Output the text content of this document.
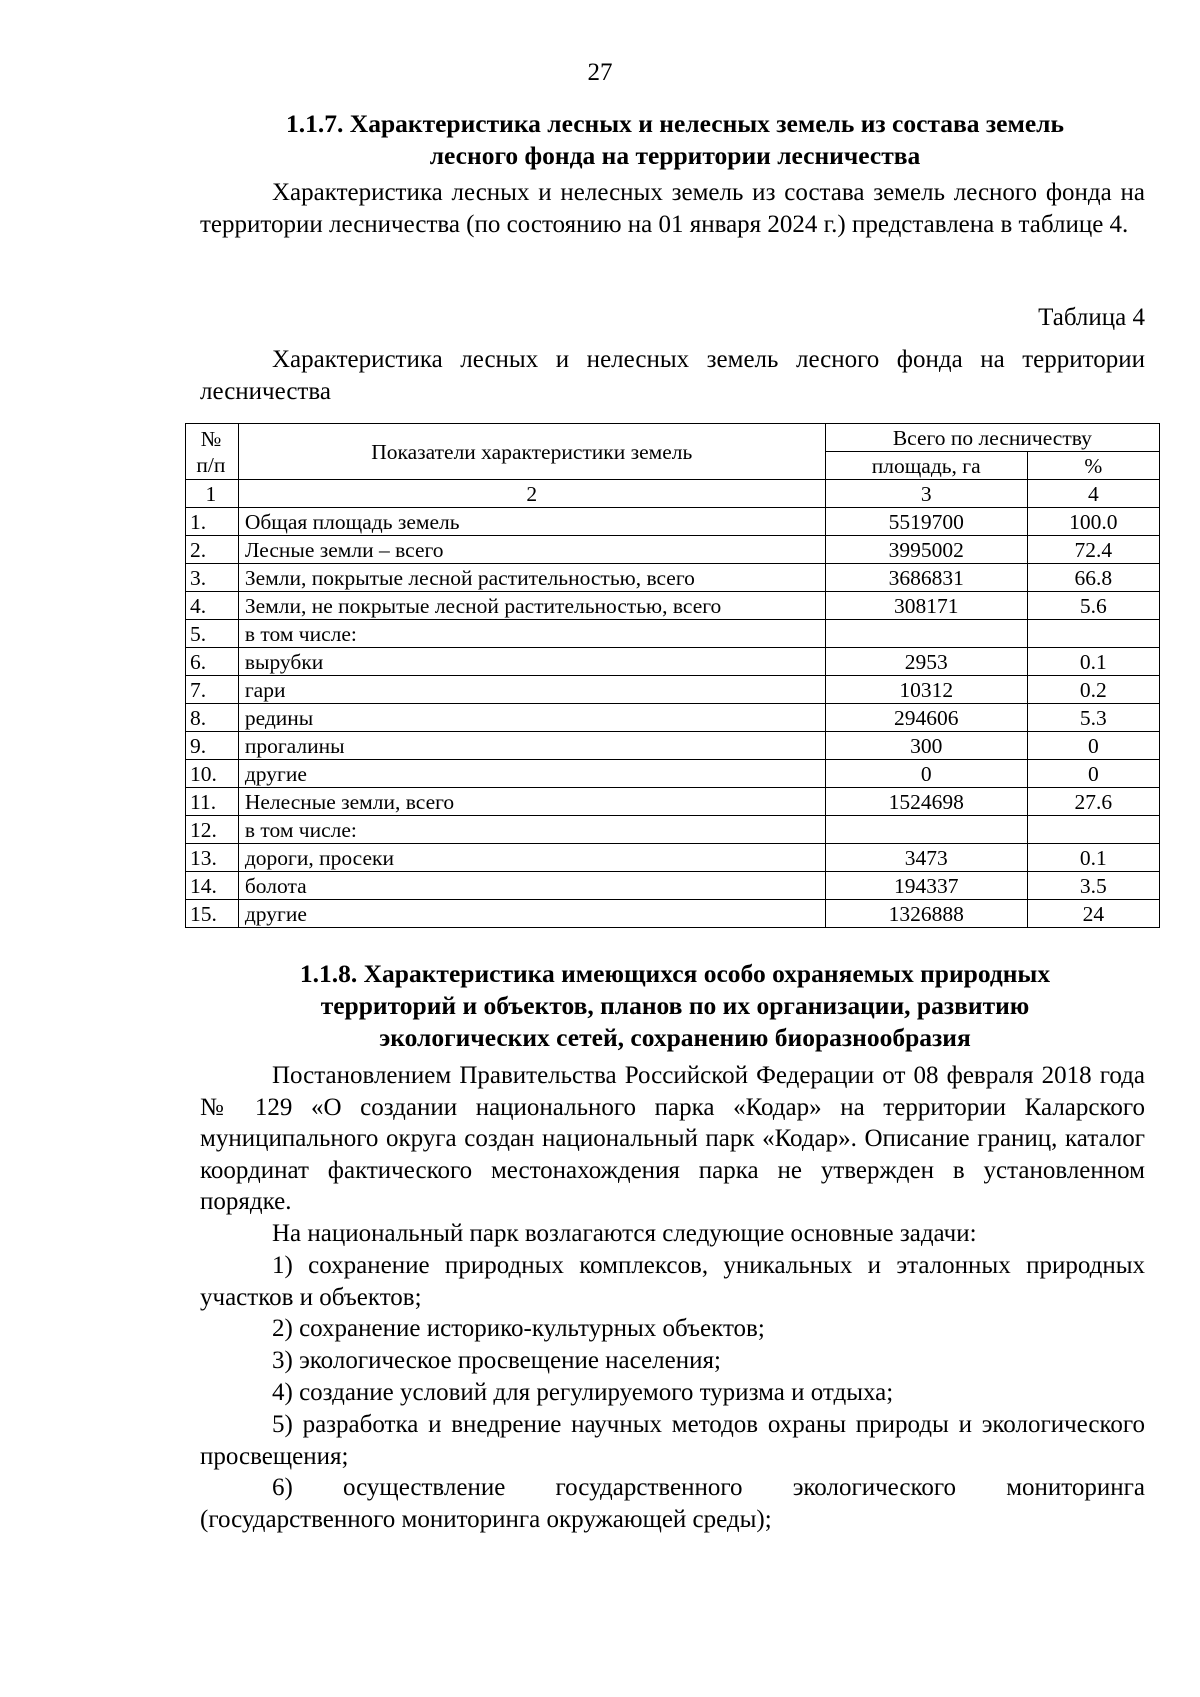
27
1.1.7. Характеристика лесных и нелесных земель из состава земель
лесного фонда на территории лесничества

Характеристика лесных и нелесных земель из состава земель лесного фонда на территории лесничества (по состоянию на 01 января 2024 г.) представлена в таблице 4.

Таблица 4
Характеристика лесных и нелесных земель лесного фонда на территории
лесничества
№ п/п	Показатели характеристики земель	Всего по лесничеству	
		площадь, га	%
1	2	3	4
1.	Общая площадь земель	5519700	100.0
2.	Лесные земли – всего	3995002	72.4
3.	Земли, покрытые лесной растительностью, всего	3686831	66.8
4.	Земли, не покрытые лесной растительностью, всего	308171	5.6
5.	в том числе:		
6.	вырубки	2953	0.1
7.	гари	10312	0.2
8.	редины	294606	5.3
9.	прогалины	300	0
10.	другие	0	0
11.	Нелесные земли, всего	1524698	27.6
12.	в том числе:		
13.	дороги, просеки	3473	0.1
14.	болота	194337	3.5
15.	другие	1326888	24
1.1.8. Характеристика имеющихся особо охраняемых природных
территорий и объектов, планов по их организации, развитию
экологических сетей, сохранению биоразнообразия

Постановлением Правительства Российской Федерации от 08 февраля 2018 года № 129 «О создании национального парка «Кодар» на территории Каларского муниципального округа создан национальный парк «Кодар». Описание границ, каталог координат фактического местонахождения парка не утвержден в установленном порядке.

На национальный парк возлагаются следующие основные задачи:

1) сохранение природных комплексов, уникальных и эталонных природных участков и объектов;

2) сохранение историко-культурных объектов;

3) экологическое просвещение населения;

4) создание условий для регулируемого туризма и отдыха;

5) разработка и внедрение научных методов охраны природы и экологического просвещения;

6) осуществление государственного экологического мониторинга (государственного мониторинга окружающей среды);
